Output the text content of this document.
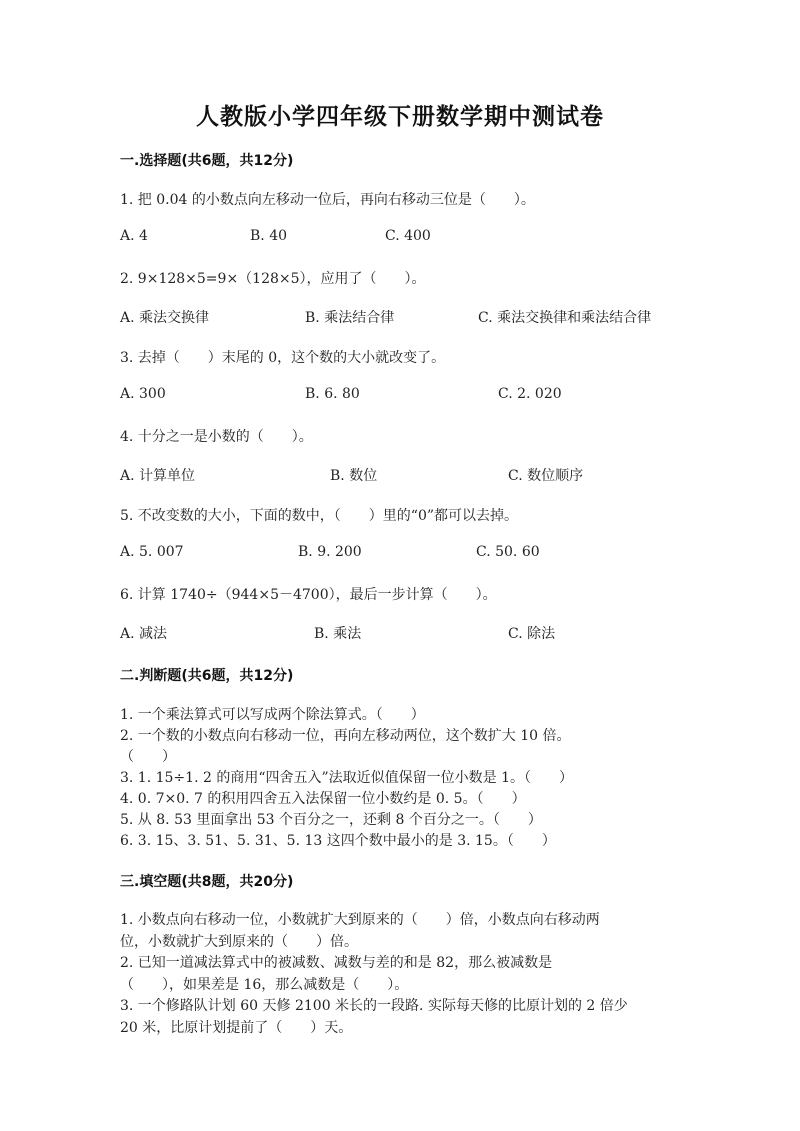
人教版小学四年级下册数学期中测试卷
一.选择题(共6题，共12分)
1. 把 0.04 的小数点向左移动一位后，再向右移动三位是（　　）。
A. 4	B. 40	C. 400
2. 9×128×5=9×（128×5），应用了（　　）。
A. 乘法交换律	B. 乘法结合律	C. 乘法交换律和乘法结合律
3. 去掉（　　）末尾的 0，这个数的大小就改变了。
A. 300	B. 6. 80	C. 2. 020
4. 十分之一是小数的（　　）。
A. 计算单位	B. 数位	C. 数位顺序
5. 不改变数的大小，下面的数中，（　　）里的“0”都可以去掉。
A. 5. 007	B. 9. 200	C. 50. 60
6. 计算 1740÷（944×5－4700），最后一步计算（　　）。
A. 减法	B. 乘法	C. 除法
二.判断题(共6题，共12分)
1. 一个乘法算式可以写成两个除法算式。（　　）
2. 一个数的小数点向右移动一位，再向左移动两位，这个数扩大 10 倍。
（　　）
3. 1. 15÷1. 2 的商用“四舍五入”法取近似值保留一位小数是 1。（　　）
4. 0. 7×0. 7 的积用四舍五入法保留一位小数约是 0. 5。（　　）
5. 从 8. 53 里面拿出 53 个百分之一，还剩 8 个百分之一。（　　）
6. 3. 15、3. 51、5. 31、5. 13 这四个数中最小的是 3. 15。（　　）
三.填空题(共8题，共20分)
1. 小数点向右移动一位，小数就扩大到原来的（　　）倍，小数点向右移动两
位，小数就扩大到原来的（　　）倍。
2. 已知一道减法算式中的被减数、减数与差的和是 82，那么被减数是
（　　），如果差是 16，那么减数是（　　）。
3. 一个修路队计划 60 天修 2100 米长的一段路. 实际每天修的比原计划的 2 倍少
20 米，比原计划提前了（　　）天。
